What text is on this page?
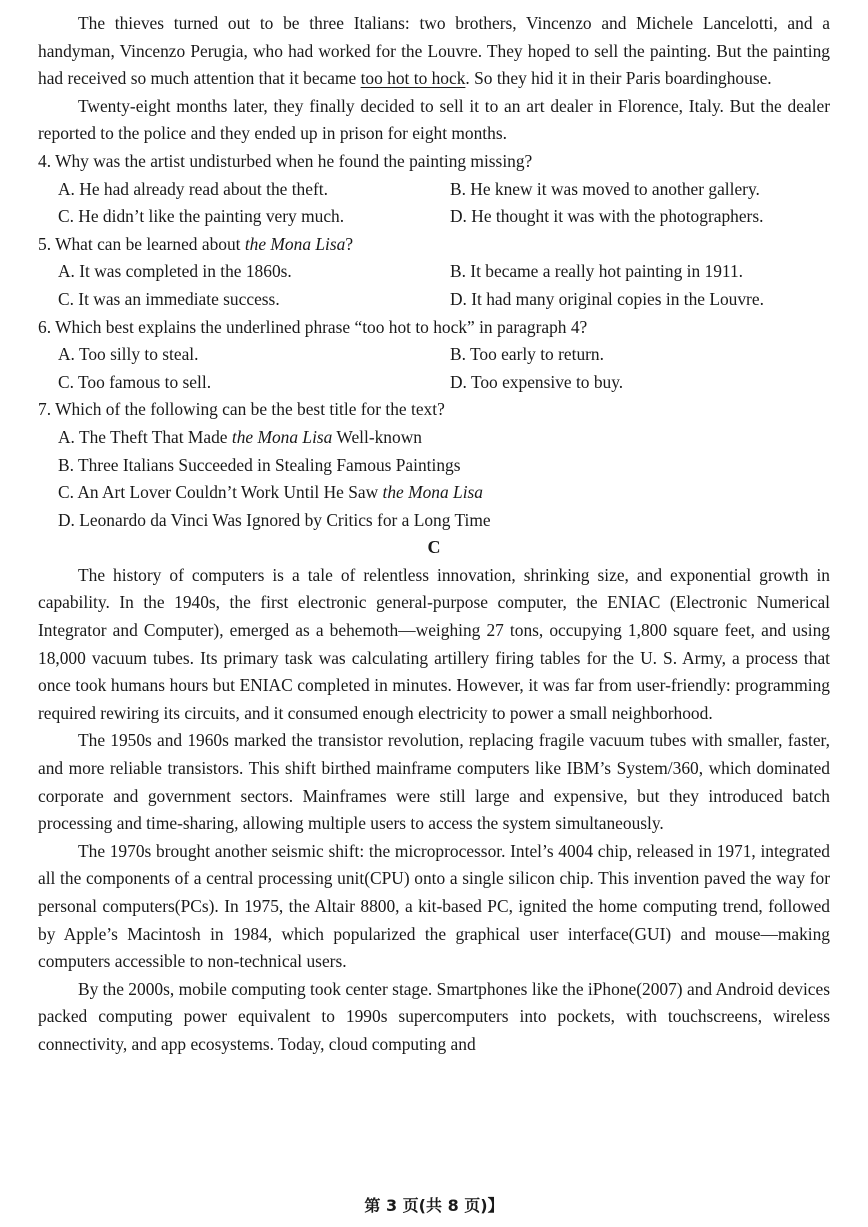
The thieves turned out to be three Italians: two brothers, Vincenzo and Michele Lancelotti, and a handyman, Vincenzo Perugia, who had worked for the Louvre. They hoped to sell the painting. But the painting had received so much attention that it became too hot to hock. So they hid it in their Paris boardinghouse.

Twenty-eight months later, they finally decided to sell it to an art dealer in Florence, Italy. But the dealer reported to the police and they ended up in prison for eight months.

4. Why was the artist undisturbed when he found the painting missing?

A. He had already read about the theft.	B. He knew it was moved to another gallery.
C. He didn’t like the painting very much.	D. He thought it was with the photographers.

5. What can be learned about the Mona Lisa?

A. It was completed in the 1860s.	B. It became a really hot painting in 1911.
C. It was an immediate success.	D. It had many original copies in the Louvre.

6. Which best explains the underlined phrase “too hot to hock” in paragraph 4?

A. Too silly to steal.	B. Too early to return.
C. Too famous to sell.	D. Too expensive to buy.

7. Which of the following can be the best title for the text?

A. The Theft That Made the Mona Lisa Well-known
B. Three Italians Succeeded in Stealing Famous Paintings
C. An Art Lover Couldn’t Work Until He Saw the Mona Lisa
D. Leonardo da Vinci Was Ignored by Critics for a Long Time

C

The history of computers is a tale of relentless innovation, shrinking size, and exponential growth in capability. In the 1940s, the first electronic general-purpose computer, the ENIAC (Electronic Numerical Integrator and Computer), emerged as a behemoth—weighing 27 tons, occupying 1,800 square feet, and using 18,000 vacuum tubes. Its primary task was calculating artillery firing tables for the U. S. Army, a process that once took humans hours but ENIAC completed in minutes. However, it was far from user-friendly: programming required rewiring its circuits, and it consumed enough electricity to power a small neighborhood.

The 1950s and 1960s marked the transistor revolution, replacing fragile vacuum tubes with smaller, faster, and more reliable transistors. This shift birthed mainframe computers like IBM’s System/360, which dominated corporate and government sectors. Mainframes were still large and expensive, but they introduced batch processing and time-sharing, allowing multiple users to access the system simultaneously.

The 1970s brought another seismic shift: the microprocessor. Intel’s 4004 chip, released in 1971, integrated all the components of a central processing unit(CPU) onto a single silicon chip. This invention paved the way for personal computers(PCs). In 1975, the Altair 8800, a kit-based PC, ignited the home computing trend, followed by Apple’s Macintosh in 1984, which popularized the graphical user interface(GUI) and mouse—making computers accessible to non-technical users.

By the 2000s, mobile computing took center stage. Smartphones like the iPhone(2007) and Android devices packed computing power equivalent to 1990s supercomputers into pockets, with touchscreens, wireless connectivity, and app ecosystems. Today, cloud computing and

第 3 页(共 8 页)】
